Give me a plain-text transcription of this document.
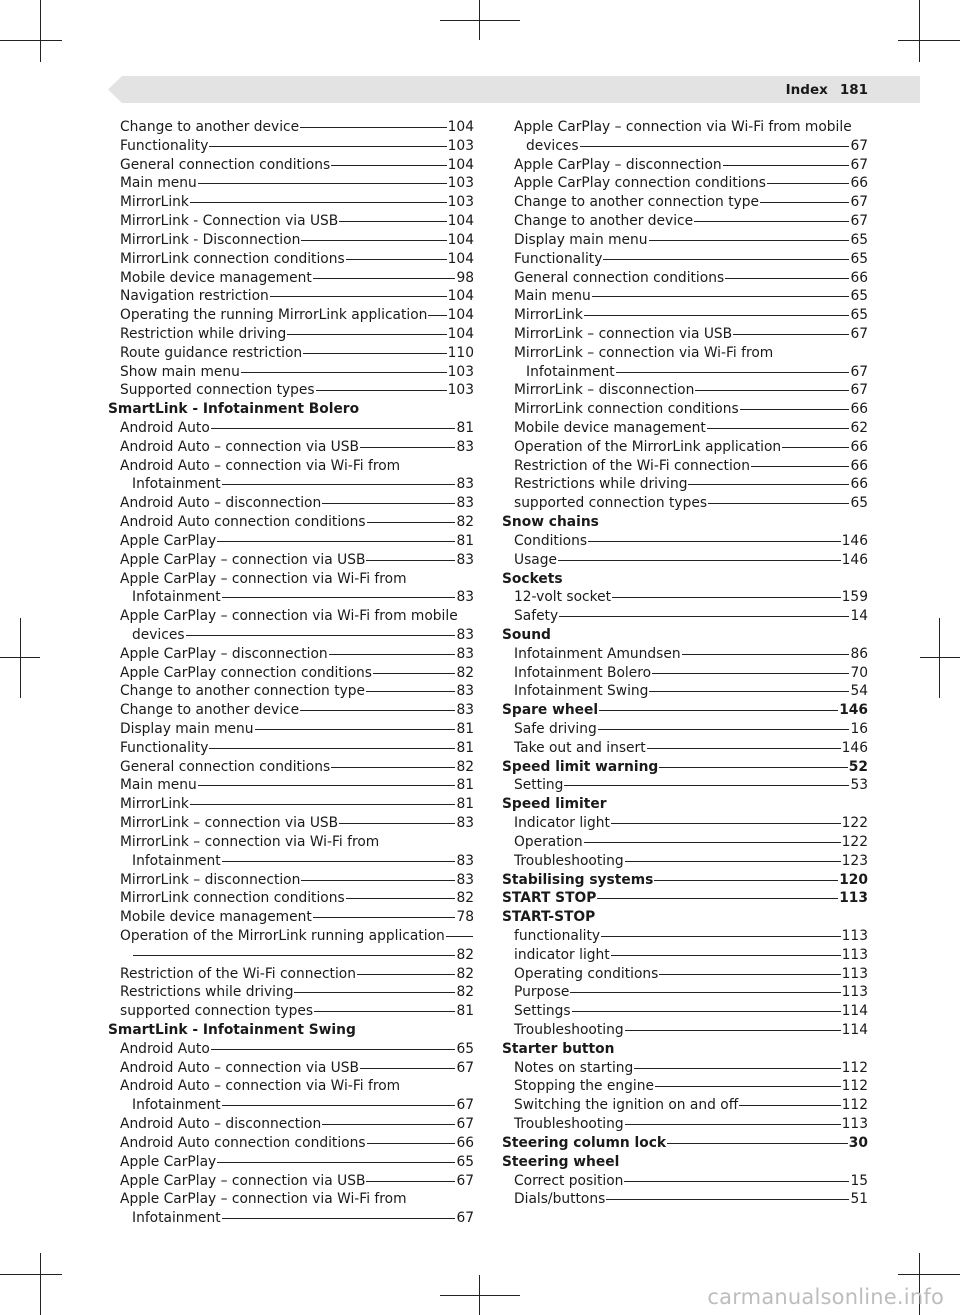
Index 181
Change to another device	104
Functionality	103
General connection conditions	104
Main menu	103
MirrorLink	103
MirrorLink - Connection via USB	104
MirrorLink - Disconnection	104
MirrorLink connection conditions	104
Mobile device management	98
Navigation restriction	104
Operating the running MirrorLink application 104
Restriction while driving	104
Route guidance restriction	110
Show main menu	103
Supported connection types	103
SmartLink - Infotainment Bolero
Android Auto	81
Android Auto – connection via USB	83
Android Auto – connection via Wi-Fi from
Infotainment	83
Android Auto – disconnection	83
Android Auto connection conditions	82
Apple CarPlay	81
Apple CarPlay – connection via USB	83
Apple CarPlay – connection via Wi-Fi from
Infotainment	83
Apple CarPlay – connection via Wi-Fi from mobile
devices	83
Apple CarPlay – disconnection	83
Apple CarPlay connection conditions	82
Change to another connection type	83
Change to another device	83
Display main menu	81
Functionality	81
General connection conditions	82
Main menu	81
MirrorLink	81
MirrorLink – connection via USB	83
MirrorLink – connection via Wi-Fi from
Infotainment	83
MirrorLink – disconnection	83
MirrorLink connection conditions	82
Mobile device management	78
Operation of the MirrorLink running application
82
Restriction of the Wi-Fi connection	82
Restrictions while driving	82
supported connection types	81
SmartLink - Infotainment Swing
Android Auto	65
Android Auto – connection via USB	67
Android Auto – connection via Wi-Fi from
Infotainment	67
Android Auto – disconnection	67
Android Auto connection conditions	66
Apple CarPlay	65
Apple CarPlay – connection via USB	67
Apple CarPlay – connection via Wi-Fi from
Infotainment	67
Apple CarPlay – connection via Wi-Fi from mobile
devices	67
Apple CarPlay – disconnection	67
Apple CarPlay connection conditions	66
Change to another connection type	67
Change to another device	67
Display main menu	65
Functionality	65
General connection conditions	66
Main menu	65
MirrorLink	65
MirrorLink – connection via USB	67
MirrorLink – connection via Wi-Fi from
Infotainment	67
MirrorLink – disconnection	67
MirrorLink connection conditions	66
Mobile device management	62
Operation of the MirrorLink application	66
Restriction of the Wi-Fi connection	66
Restrictions while driving	66
supported connection types	65
Snow chains
Conditions	146
Usage	146
Sockets
12-volt socket	159
Safety	14
Sound
Infotainment Amundsen	86
Infotainment Bolero	70
Infotainment Swing	54
Spare wheel	146
Safe driving	16
Take out and insert	146
Speed limit warning	52
Setting	53
Speed limiter
Indicator light	122
Operation	122
Troubleshooting	123
Stabilising systems	120
START STOP	113
START-STOP
functionality	113
indicator light	113
Operating conditions	113
Purpose	113
Settings	114
Troubleshooting	114
Starter button
Notes on starting	112
Stopping the engine	112
Switching the ignition on and off	112
Troubleshooting	113
Steering column lock	30
Steering wheel
Correct position	15
Dials/buttons	51
carmanualsonline.info
